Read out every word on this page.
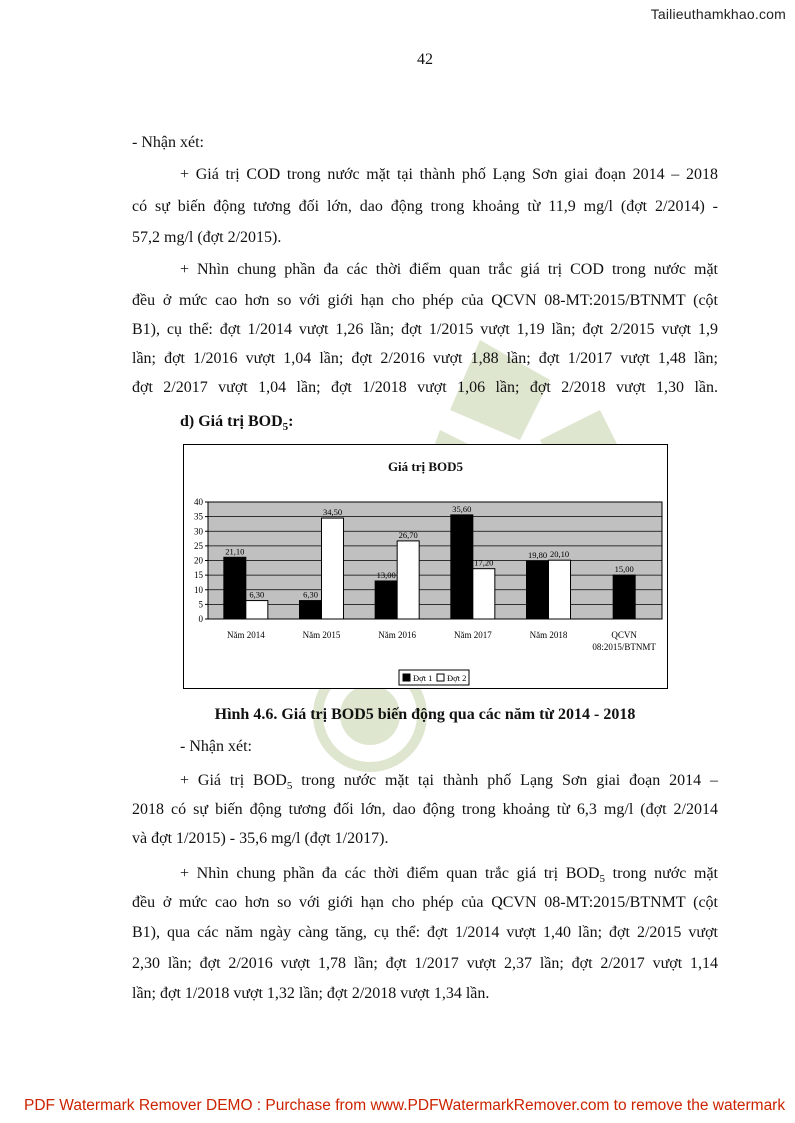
Tailieuthamkhao.com
42
- Nhận xét:
+ Giá trị COD trong nước mặt tại thành phố Lạng Sơn giai đoạn 2014 – 2018
có sự biến động tương đối lớn, dao động trong khoảng từ 11,9 mg/l (đợt 2/2014) -
57,2 mg/l (đợt 2/2015).
+ Nhìn chung phần đa các thời điểm quan trắc giá trị COD trong nước mặt
đều ở mức cao hơn so với giới hạn cho phép của QCVN 08-MT:2015/BTNMT (cột
B1), cụ thể: đợt 1/2014 vượt 1,26 lần; đợt 1/2015 vượt 1,19 lần; đợt 2/2015 vượt 1,9
lần; đợt 1/2016 vượt 1,04 lần; đợt 2/2016 vượt 1,88 lần; đợt 1/2017 vượt 1,48 lần;
đợt 2/2017 vượt 1,04 lần; đợt 1/2018 vượt 1,06 lần; đợt 2/2018 vượt 1,30 lần.
d) Giá trị $BOD_5$:
Giá trị BOD5
0
5
10
15
20
25
30
35
40
Năm 2014
21,10
6,30
Năm 2015
6,30
34,50
Năm 2016
13,00
26,70
Năm 2017
35,60
17,20
Năm 2018
19,80 20,10
QCVN
08:2015/BTNMT
15,00
Đợt 1 Đợt 2
Hình 4.6. Giá trị BOD5 biến động qua các năm từ 2014 - 2018
- Nhận xét:
+ Giá trị $BOD_5$ trong nước mặt tại thành phố Lạng Sơn giai đoạn 2014 –
2018 có sự biến động tương đối lớn, dao động trong khoảng từ 6,3 mg/l (đợt 2/2014
và đợt 1/2015) - 35,6 mg/l (đợt 1/2017).
+ Nhìn chung phần đa các thời điểm quan trắc giá trị $BOD_5$ trong nước mặt
đều ở mức cao hơn so với giới hạn cho phép của QCVN 08-MT:2015/BTNMT (cột
B1), qua các năm ngày càng tăng, cụ thể: đợt 1/2014 vượt 1,40 lần; đợt 2/2015 vượt
2,30 lần; đợt 2/2016 vượt 1,78 lần; đợt 1/2017 vượt 2,37 lần; đợt 2/2017 vượt 1,14
lần; đợt 1/2018 vượt 1,32 lần; đợt 2/2018 vượt 1,34 lần.
PDF Watermark Remover DEMO : Purchase from www.PDFWatermarkRemover.com to remove the watermark
